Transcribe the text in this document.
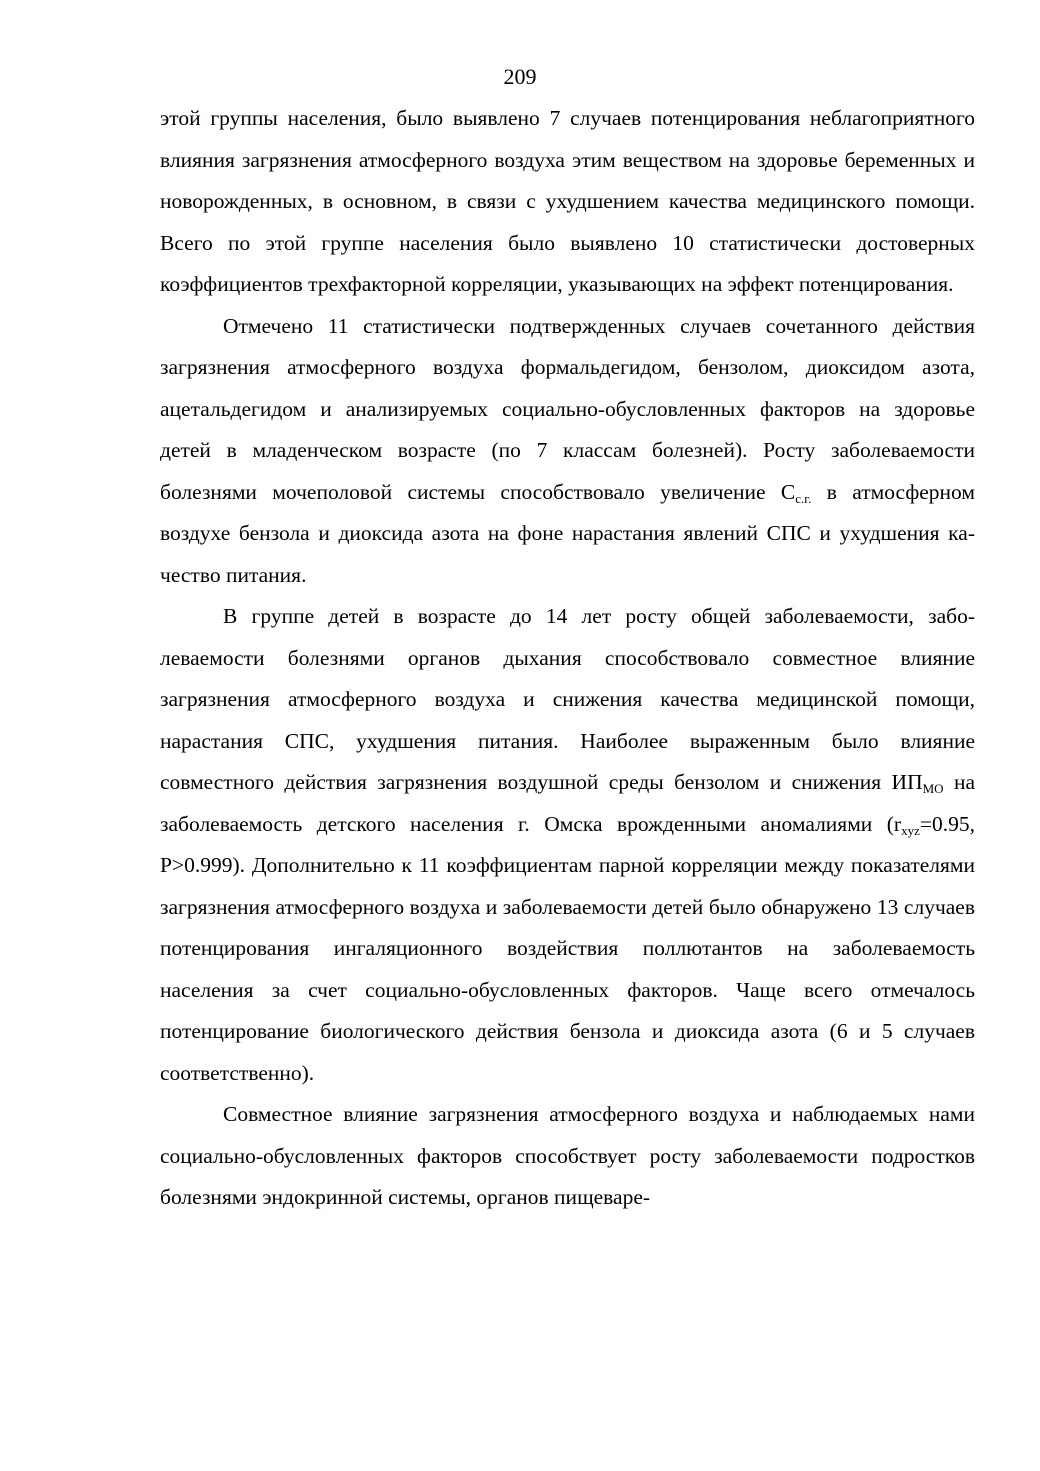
209

этой группы населения, было выявлено 7 случаев потенцирования неблагоприятного влияния загрязнения атмосферного воздуха этим веществом на здоровье беременных и новорожденных, в основном, в связи с ухудшением качества медицинского помощи. Всего по этой группе населения было выявлено 10 статистически достоверных коэффициентов трехфакторной корреляции, указывающих на эффект потенцирования.

Отмечено 11 статистически подтвержденных случаев сочетанного действия загрязнения атмосферного воздуха формальдегидом, бензолом, диоксидом азота, ацетальдегидом и анализируемых социально-обусловленных факторов на здоровье детей в младенческом возрасте (по 7 классам болезней). Росту заболеваемости болезнями мочеполовой системы способствовало увеличение $С_{с.г.}$ в атмосферном воздухе бензола и диоксида азота на фоне нарастания явлений СПС и ухудшения качество питания.

В группе детей в возрасте до 14 лет росту общей заболеваемости, заболеваемости болезнями органов дыхания способствовало совместное влияние загрязнения атмосферного воздуха и снижения качества медицинской помощи, нарастания СПС, ухудшения питания. Наиболее выраженным было влияние совместного действия загрязнения воздушной среды бензолом и снижения $ИП_{МО}$ на заболеваемость детского населения г. Омска врожденными аномалиями ($r_{xyz}=0.95$, P>0.999). Дополнительно к 11 коэффициентам парной корреляции между показателями загрязнения атмосферного воздуха и заболеваемости детей было обнаружено 13 случаев потенцирования ингаляционного воздействия поллютантов на заболеваемость населения за счет социально-обусловленных факторов. Чаще всего отмечалось потенцирование биологического действия бензола и диоксида азота (6 и 5 случаев соответственно).

Совместное влияние загрязнения атмосферного воздуха и наблюдаемых нами социально-обусловленных факторов способствует росту заболеваемости подростков болезнями эндокринной системы, органов пищеваре-
